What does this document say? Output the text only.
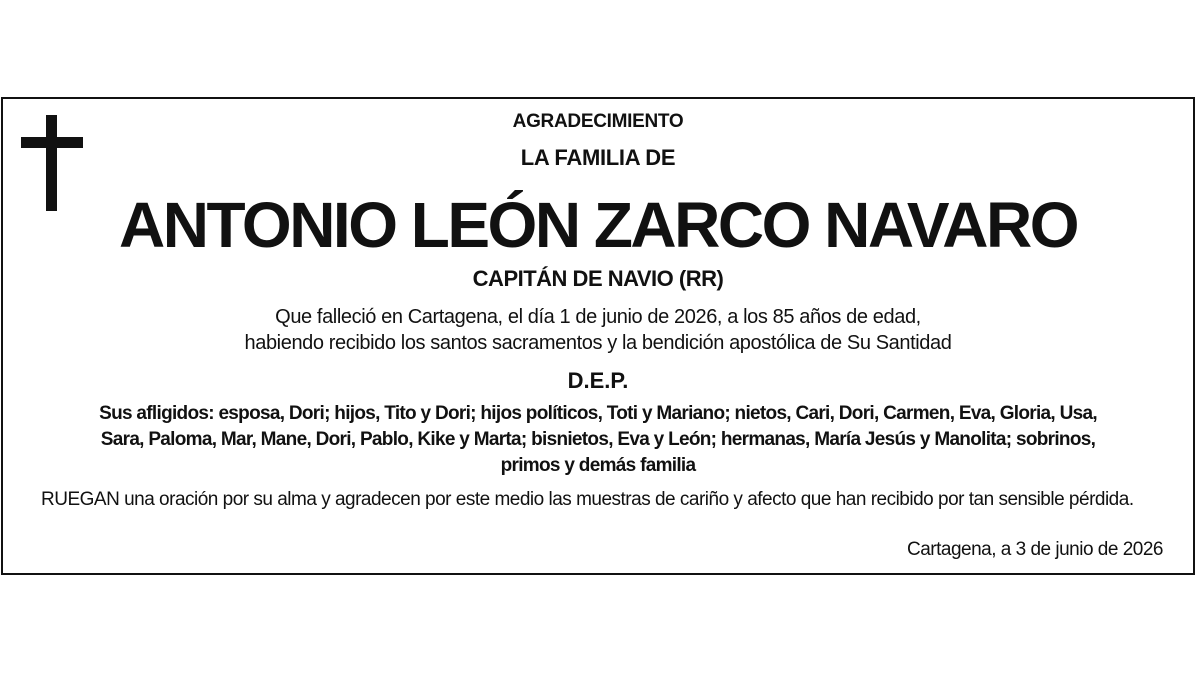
AGRADECIMIENTO
LA FAMILIA DE
ANTONIO LEÓN ZARCO NAVARO
CAPITÁN DE NAVIO (RR)
Que falleció en Cartagena, el día 1 de junio de 2026, a los 85 años de edad,
habiendo recibido los santos sacramentos y la bendición apostólica de Su Santidad
D.E.P.
Sus afligidos: esposa, Dori; hijos, Tito y Dori; hijos políticos, Toti y Mariano; nietos, Cari, Dori, Carmen, Eva, Gloria, Usa,
Sara, Paloma, Mar, Mane, Dori, Pablo, Kike y Marta; bisnietos, Eva y León; hermanas, María Jesús y Manolita; sobrinos,
primos y demás familia
RUEGAN una oración por su alma y agradecen por este medio las muestras de cariño y afecto que han recibido por tan sensible pérdida.
Cartagena, a 3 de junio de 2026
